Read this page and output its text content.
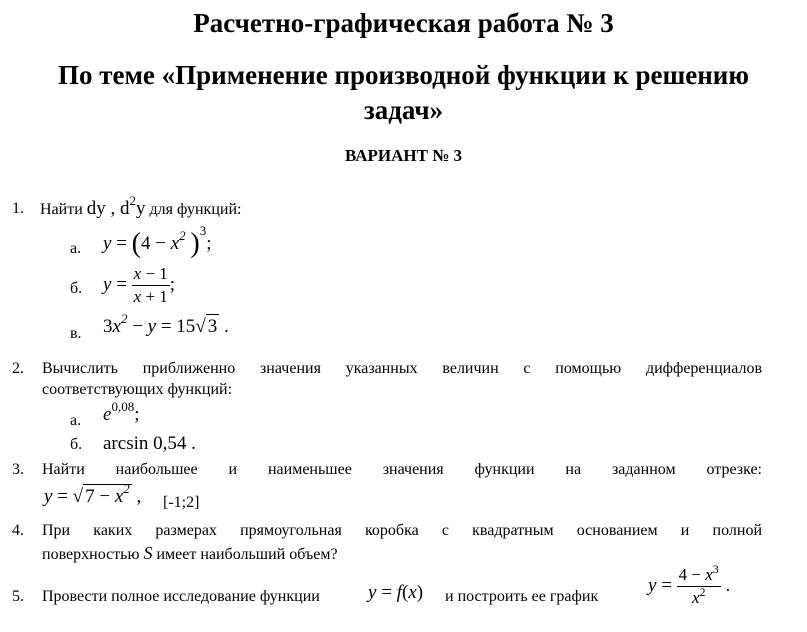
Расчетно-графическая работа № 3
По теме «Применение производной функции к решению
задач»
ВАРИАНТ № 3
1. Найти dy , $d^2y$ для функций:
а. $y = (4 - x^2$ )$^3$;
б. $y = \frac{x - 1}{x + 1}$ ;
в. $3x^2 - y = 15√$ 3 .
2. Вычислить приближенно значения указанных величин с помощью дифференциалов
соответствующих функций:
а. $e^{0,08}$;
б. arcsin 0,54 .
3. Найти наибольшее и наименьшее значения функции на заданном отрезке:
y = √ $7 - x^2$ , [-1;2]
4. При каких размерах прямоугольная коробка с квадратным основанием и полной
поверхностью S имеет наибольший объем?
5. Провести полное исследование функции	y = f(x) и построить ее график
$y = \frac{4 - x^3}{x^2}$ .
